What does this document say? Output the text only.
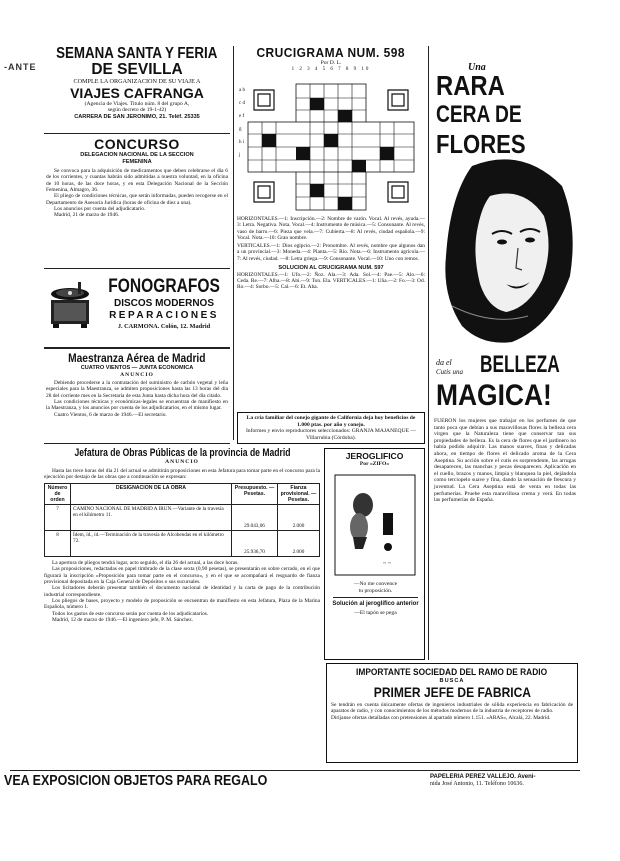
-ANTE
SEMANA SANTA Y FERIA
DE SEVILLA
COMPLE LA ORGANIZACION DE SU VIAJE A
VIAJES CAFRANGA
(Agencia de Viajes. Titulo núm. 8 del grupo A,
según decreto de 19-1-42)
CARRERA DE SAN JERONIMO, 21. Teléf. 25335
CONCURSO
DELEGACION NACIONAL DE LA SECCION
FEMENINA
Se convoca para la adquisición de medicamentos que deben celebrarse el día 6 de los corrientes, y cuantas habrán sido admitidas a nuestra voluntad, en la oficina de 10 horas, de las doce horas, y en esta Delegación Nacional de la Sección Femenina, Almagro, 36.
El pliego de condiciones técnicas, que serán informadas, pueden recogerse en el Departamento de Asesoría Jurídica (horas de oficina de diez a una).
Los anuncios por cuenta del adjudicatario.
Madrid, 21 de marzo de 1946.
FONOGRAFOS
DISCOS MODERNOS
REPARACIONES
J. CARMONA. Colón, 12. Madrid
Maestranza Aérea de Madrid
CUATRO VIENTOS — JUNTA ECONOMICA
ANUNCIO
Debiendo procederse a la contratación del suministro de carbón vegetal y leña especiales para la Maestranza, se admiten proposiciones hasta las 13 horas del día 28 del corriente mes en la Secretaría de esta Junta hasta dicha hora del día citado.
Las condiciones técnicas y económicas-legales se encuentran de manifiesto en la Maestranza, y los anuncios por cuenta de los adjudicatarios, en el mismo lugar.
Cuatro Vientos, 6 de marzo de 1946.—El secretario.
Jefatura de Obras Públicas de la provincia de Madrid
ANUNCIO
Hasta las trece horas del día 21 del actual se admitirán proposiciones en esta Jefatura para tomar parte en el concurso para la ejecución por destajo de las obras que a continuación se expresan:
Número de orden	DESIGNACION DE LA OBRA	Presupuesto. — Pesetas.	Fianza provisional. — Pesetas.
7	CAMINO NACIONAL DE MADRID A IRUN.—Variante de la travesía en el kilómetro 11.	29.043,06	2.000
8	Ídem, íd., íd.—Terminación de la travesía de Alcobendas en el kilómetro 72.	25.936,70	2.000
La apertura de pliegos tendrá lugar, acto seguido, el día 26 del actual, a las doce horas.
Las proposiciones, redactadas en papel timbrado de la clase sexta (0,90 pesetas), se presentarán en sobre cerrado, en el que figurará la inscripción «Proposición para tomar parte en el concurso», y en el que se acompañará el resguardo de fianza provisional depositada en la Caja General de Depósitos o sus sucursales.
Los licitadores deberán presentar también el documento nacional de identidad y la carta de pago de la contribución industrial correspondiente.
Los pliegos de bases, proyecto y modelo de proposición se encuentran de manifiesto en esta Jefatura, Plaza de la Marina Española, número 1.
Todos los gastos de este concurso serán por cuenta de los adjudicatarios.
Madrid, 12 de marzo de 1946.—El ingeniero jefe, P. M. Sánchez.
CRUCIGRAMA NUM. 598
Por D. L.
1 2 3 4 5 6 7 8 9 10
a b c d e f g h i j
HORIZONTALES.—1: Inscripción.—2: Nombre de varón. Vocal. Al revés, ayuda.—3: Letra. Negativa. Nota. Vocal.—4: Instrumento de música.—5: Consonante. Al revés, vaso de barro.—6: Pieza que vela.—7: Cubierta.—8: Al revés, ciudad española.—9: Vocal. Nota.—10: Gran nombre.
VERTICALES.—1: Dios egipcio.—2: Pronombre. Al revés, nombre que algunos dan a un provincial.—3: Moneda.—4: Planta.—5: Río. Nota.—6: Instrumento agrícola.—7: Al revés, ciudad. —8: Letra griega.—9: Consonante. Vocal.—10: Uno con remos.
SOLUCION AL CRUCIGRAMA NUM. 597
HORIZONTALES.—1: Ufo.—2: Ñoz. Ala.—3: Ada. Sol.—4: Pae.—5: Alo.—6: Ceda. Re.—7: Alba.—8: Abi.—9: Ton. Ela. VERTICALES.—1: Uña.—2: Fo.—3: Od. Ro.—4: Sorbo.—5: Cal.—6: Et. Aba.
La cría familiar del conejo gigante de California deja hoy beneficios de 1.000 ptas. por año y conejo.
Informes y envío reproductores seleccionados: GRANJA MAJANEQUE — Villarrubia (Córdoba).
JEROGLIFICO
Por «ZIFO»
~ ~
—No me convence
tu proposición.
Solución al jeroglífico anterior
—El tapón se pega
Una
RARA
CERA DE
FLORES
da el
Cutis una BELLEZA
MAGICA!
FUERON los mujeres que trabajar en los perfumes de que tanto poca que debían a sus maravillosas flores la belleza cera virgen que la Naturaleza tiene que conservar tan sus propiedades de belleza. Es la cera de flores que el jardinero no había podido adquirir. Las manos suaves, finas y delicadas ahora, en tiempo de flores el delicado aroma de la Cera Aseptina. Su acción sobre el cutis es sorprendente, las arrugas desaparecen, las manchas y pecas desaparecen. Aplicación en el cuello, brazos y manos, limpia y blanquea la piel, dejándola como terciopelo suave y fina, dando la sensación de frescura y juventud. La Cera Aseptina está de venta en todas las perfumerías. Pruebe esta maravillosa crema y verá. En todas las perfumerías de España.
IMPORTANTE SOCIEDAD DEL RAMO DE RADIO
BUSCA
PRIMER JEFE DE FABRICA
Se tendrán en cuenta únicamente ofertas de ingenieros industriales de sólida experiencia en fabricación de aparatos de radio, y con conocimientos de los métodos modernos de la industria de receptores de radio.
Dirijanse ofertas detalladas con pretensiones al apartado número 1.151. «ARAS», Alcalá, 22. Madrid.
VEA EXPOSICION OBJETOS PARA REGALO	PAPELERIA PEREZ VALLEJO. Aveni-
nida José Antonio, 11. Teléfono 10636.
